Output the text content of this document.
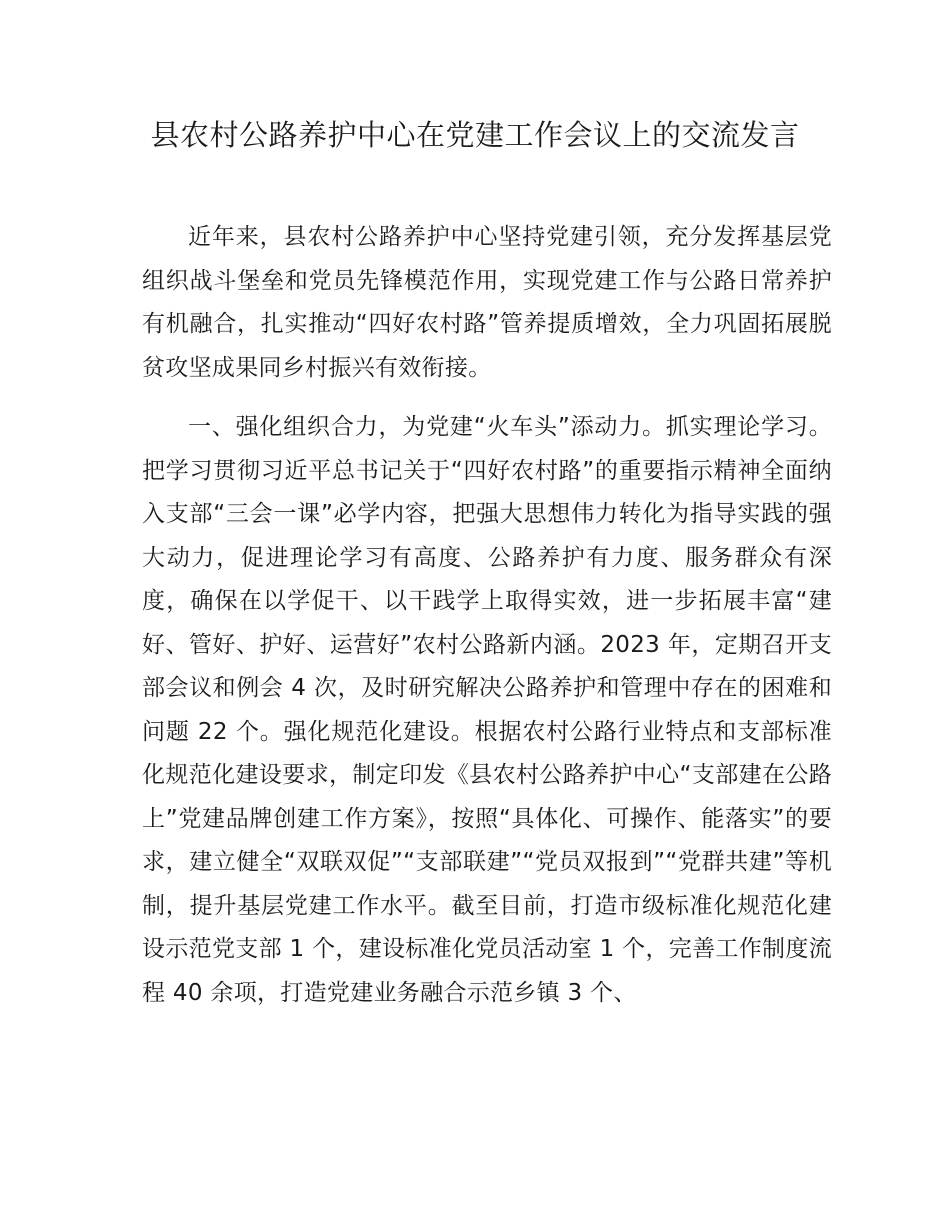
县农村公路养护中心在党建工作会议上的交流发言

近年来，县农村公路养护中心坚持党建引领，充分发挥基层党组织战斗堡垒和党员先锋模范作用，实现党建工作与公路日常养护有机融合，扎实推动“四好农村路”管养提质增效，全力巩固拓展脱贫攻坚成果同乡村振兴有效衔接。

一、强化组织合力，为党建“火车头”添动力。抓实理论学习。把学习贯彻习近平总书记关于“四好农村路”的重要指示精神全面纳入支部“三会一课”必学内容，把强大思想伟力转化为指导实践的强大动力，促进理论学习有高度、公路养护有力度、服务群众有深度，确保在以学促干、以干践学上取得实效，进一步拓展丰富“建好、管好、护好、运营好”农村公路新内涵。2023 年，定期召开支部会议和例会 4 次，及时研究解决公路养护和管理中存在的困难和问题 22 个。强化规范化建设。根据农村公路行业特点和支部标准化规范化建设要求，制定印发《县农村公路养护中心“支部建在公路上”党建品牌创建工作方案》，按照“具体化、可操作、能落实”的要求，建立健全“双联双促”“支部联建”“党员双报到”“党群共建”等机制，提升基层党建工作水平。截至目前，打造市级标准化规范化建设示范党支部 1 个，建设标准化党员活动室 1 个，完善工作制度流程 40 余项，打造党建业务融合示范乡镇 3 个、
